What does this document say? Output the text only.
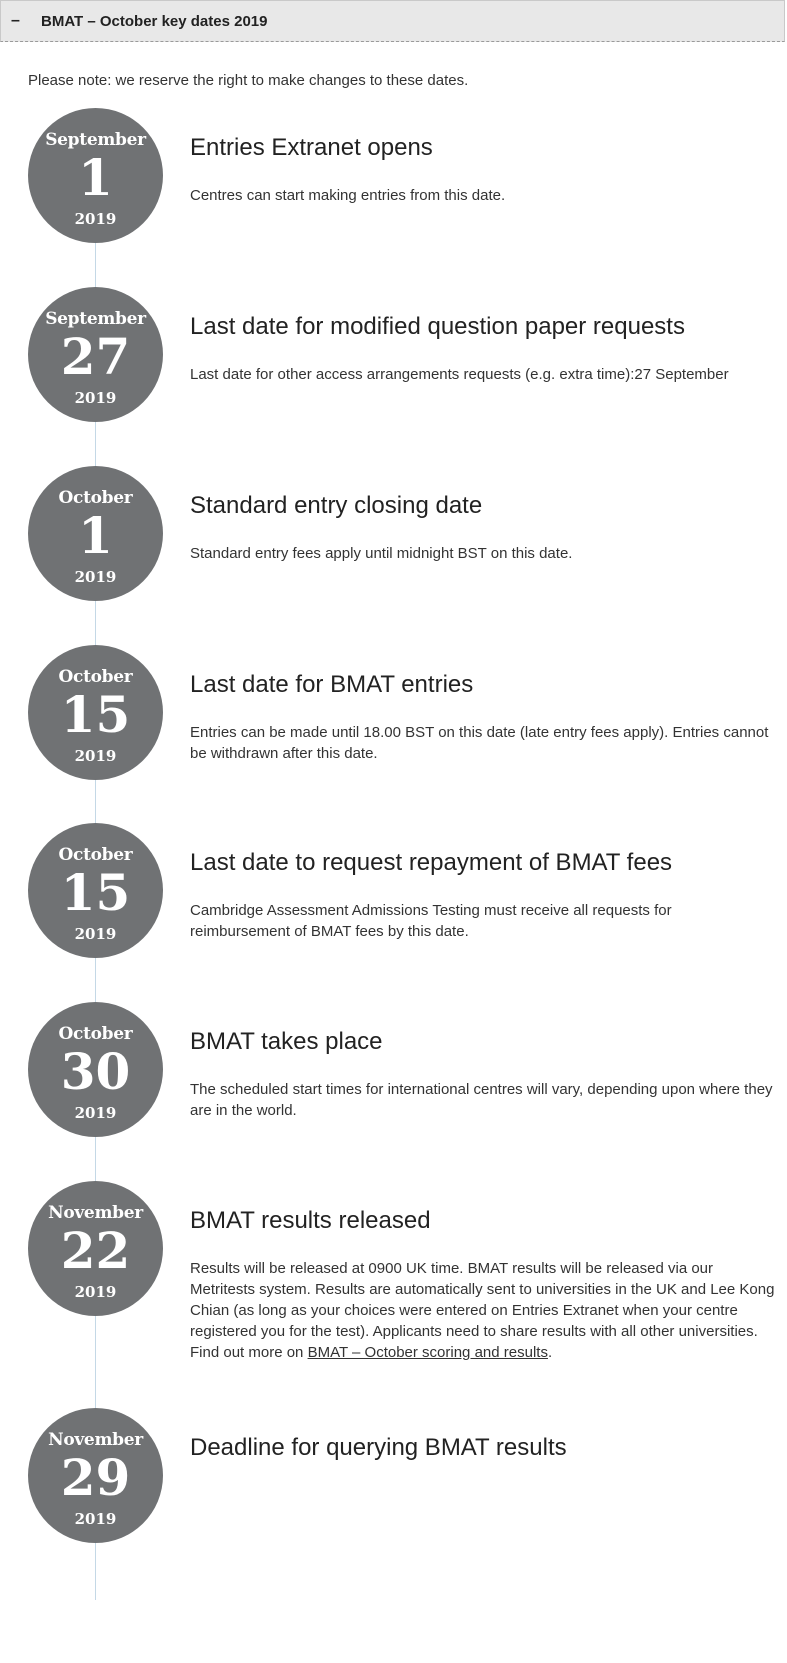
–	BMAT – October key dates 2019
Please note: we reserve the right to make changes to these dates.
September
1
2019
Entries Extranet opens
Centres can start making entries from this date.
September
27
2019
Last date for modified question paper requests
Last date for other access arrangements requests (e.g. extra time):27 September
October
1
2019
Standard entry closing date
Standard entry fees apply until midnight BST on this date.
October
15
2019
Last date for BMAT entries
Entries can be made until 18.00 BST on this date (late entry fees apply). Entries cannot be withdrawn after this date.
October
15
2019
Last date to request repayment of BMAT fees
Cambridge Assessment Admissions Testing must receive all requests for reimbursement of BMAT fees by this date.
October
30
2019
BMAT takes place
The scheduled start times for international centres will vary, depending upon where they are in the world.
November
22
2019
BMAT results released
Results will be released at 0900 UK time. BMAT results will be released via our Metritests system. Results are automatically sent to universities in the UK and Lee Kong Chian (as long as your choices were entered on Entries Extranet when your centre registered you for the test). Applicants need to share results with all other universities.
Find out more on BMAT – October scoring and results.
November
29
2019
Deadline for querying BMAT results
